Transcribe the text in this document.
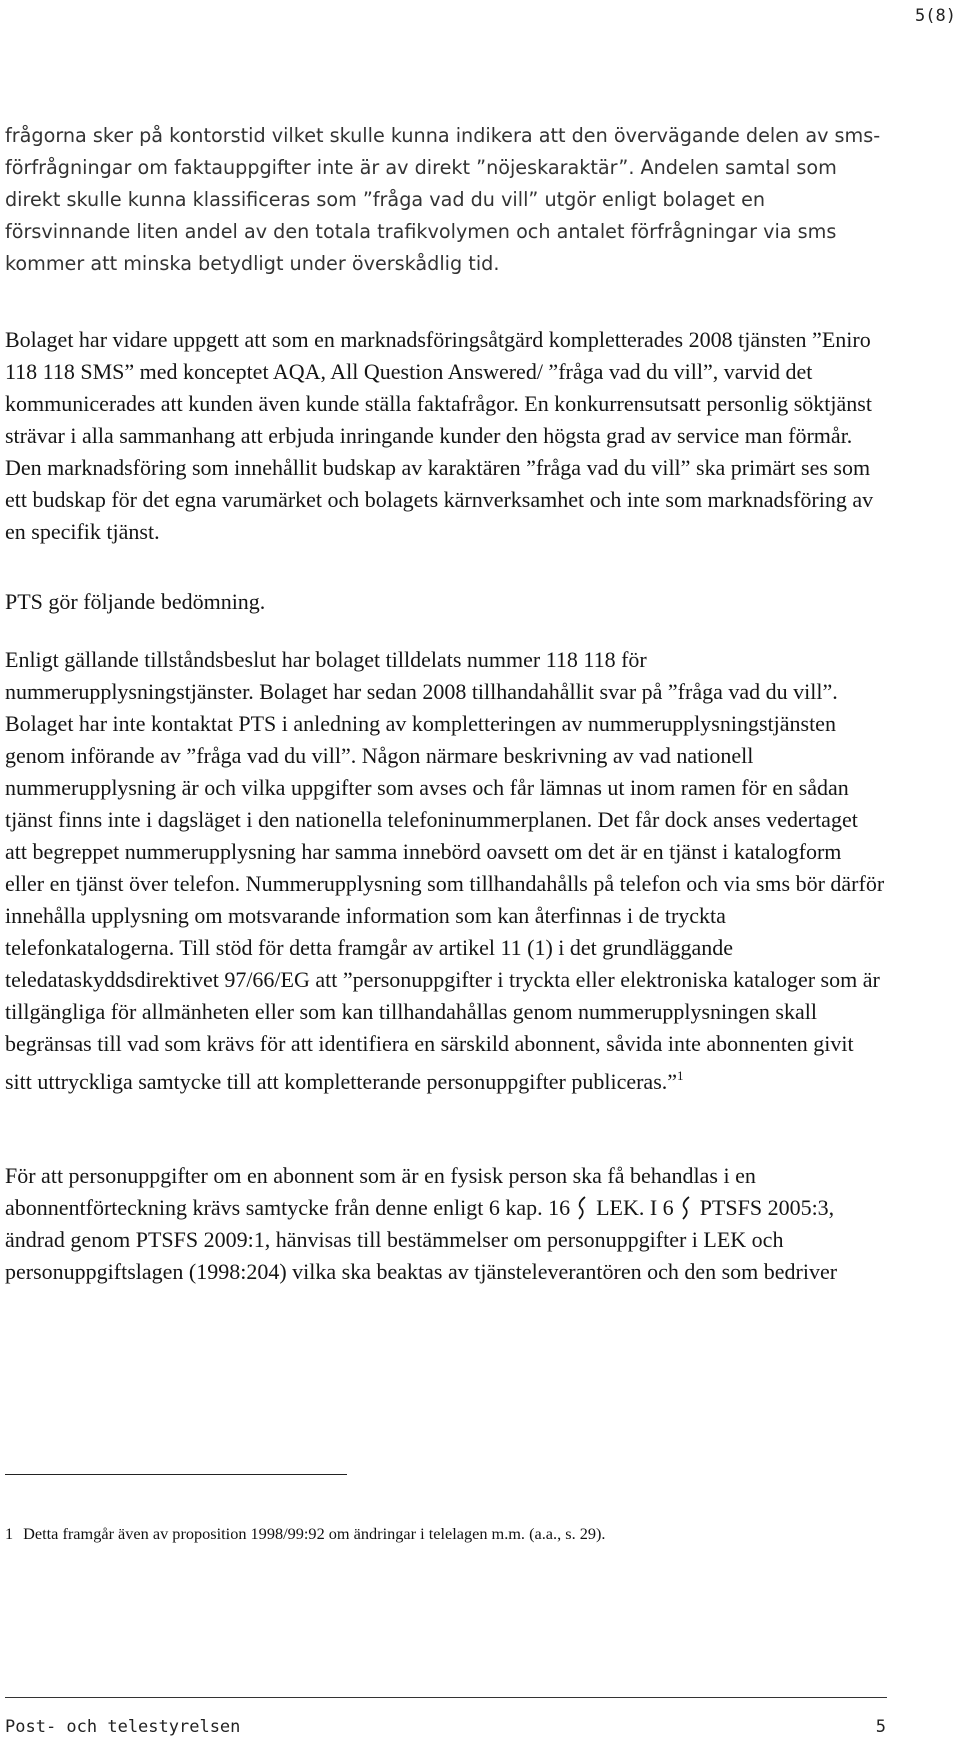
5(8)
frågorna sker på kontorstid vilket skulle kunna indikera att den övervägande delen av sms-förfrågningar om faktauppgifter inte är av direkt ”nöjeskaraktär”. Andelen samtal som direkt skulle kunna klassificeras som ”fråga vad du vill” utgör enligt bolaget en försvinnande liten andel av den totala trafikvolymen och antalet förfrågningar via sms kommer att minska betydligt under överskådlig tid.

Bolaget har vidare uppgett att som en marknadsföringsåtgärd kompletterades 2008 tjänsten ”Eniro 118 118 SMS” med konceptet AQA, All Question Answered/ ”fråga vad du vill”, varvid det kommunicerades att kunden även kunde ställa faktafrågor. En konkurrensutsatt personlig söktjänst strävar i alla sammanhang att erbjuda inringande kunder den högsta grad av service man förmår. Den marknadsföring som innehållit budskap av karaktären ”fråga vad du vill” ska primärt ses som ett budskap för det egna varumärket och bolagets kärnverksamhet och inte som marknadsföring av en specifik tjänst.

PTS gör följande bedömning.

Enligt gällande tillståndsbeslut har bolaget tilldelats nummer 118 118 för nummerupplysningstjänster. Bolaget har sedan 2008 tillhandahållit svar på ”fråga vad du vill”. Bolaget har inte kontaktat PTS i anledning av kompletteringen av nummerupplysningstjänsten genom införande av ”fråga vad du vill”. Någon närmare beskrivning av vad nationell nummerupplysning är och vilka uppgifter som avses och får lämnas ut inom ramen för en sådan tjänst finns inte i dagsläget i den nationella telefoninummerplanen. Det får dock anses vedertaget att begreppet nummerupplysning har samma innebörd oavsett om det är en tjänst i katalogform eller en tjänst över telefon. Nummerupplysning som tillhandahålls på telefon och via sms bör därför innehålla upplysning om motsvarande information som kan återfinnas i de tryckta telefonkatalogerna. Till stöd för detta framgår av artikel 11 (1) i det grundläggande teledataskyddsdirektivet 97/66/EG att ”personuppgifter i tryckta eller elektroniska kataloger som är tillgängliga för allmänheten eller som kan tillhandahållas genom nummerupplysningen skall begränsas till vad som krävs för att identifiera en särskild abonnent, såvida inte abonnenten givit sitt uttryckliga samtycke till att kompletterande personuppgifter publiceras.”$^1$

För att personuppgifter om en abonnent som är en fysisk person ska få behandlas i en abonnentförteckning krävs samtycke från denne enligt 6 kap. 16 LEK. I 6 PTSFS 2005:3, ändrad genom PTSFS 2009:1, hänvisas till bestämmelser om personuppgifter i LEK och personuppgiftslagen (1998:204) vilka ska beaktas av tjänsteleverantören och den som bedriver

1 Detta framgår även av proposition 1998/99:92 om ändringar i telelagen m.m. (a.a., s. 29).
Post- och telestyrelsen	5
